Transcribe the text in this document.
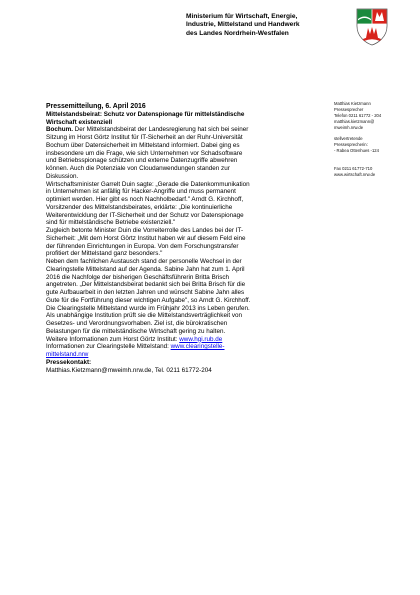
Ministerium für Wirtschaft, Energie,
Industrie, Mittelstand und Handwerk
des Landes Nordrhein-Westfalen
Matthias Kietzmann
Pressesprecher
Telefon 0211 61772 - 204
matthias.kietzmann@
mweimh.nrw.de
stellvertretende
Pressesprecherin:
- Rabea Ottenhues -124
Fax 0211 61772-710
www.wirtschaft.nrw.de

Pressemitteilung, 6. April 2016

Mittelstandsbeirat: Schutz vor Datenspionage für mittelständische
Wirtschaft existenziell

Bochum. Der Mittelstandsbeirat der Landesregierung hat sich bei seiner
Sitzung im Horst Görtz Institut für IT-Sicherheit an der Ruhr-Universität
Bochum über Datensicherheit im Mittelstand informiert. Dabei ging es
insbesondere um die Frage, wie sich Unternehmen vor Schadsoftware
und Betriebsspionage schützen und externe Datenzugriffe abwehren
können. Auch die Potenziale von Cloudanwendungen standen zur
Diskussion.

Wirtschaftsminister Garrelt Duin sagte: „Gerade die Datenkommunikation
in Unternehmen ist anfällig für Hacker-Angriffe und muss permanent
optimiert werden. Hier gibt es noch Nachholbedarf." Arndt G. Kirchhoff,
Vorsitzender des Mittelstandsbeirates, erklärte: „Die kontinuierliche
Weiterentwicklung der IT-Sicherheit und der Schutz vor Datenspionage
sind für mittelständische Betriebe existenziell."

Zugleich betonte Minister Duin die Vorreiterrolle des Landes bei der IT-
Sicherheit: „Mit dem Horst Görtz Institut haben wir auf diesem Feld eine
der führenden Einrichtungen in Europa. Von dem Forschungstransfer
profitiert der Mittelstand ganz besonders."

Neben dem fachlichen Austausch stand der personelle Wechsel in der
Clearingstelle Mittelstand auf der Agenda. Sabine Jahn hat zum 1. April
2016 die Nachfolge der bisherigen Geschäftsführerin Britta Brisch
angetreten. „Der Mittelstandsbeirat bedankt sich bei Britta Brisch für die
gute Aufbauarbeit in den letzten Jahren und wünscht Sabine Jahn alles
Gute für die Fortführung dieser wichtigen Aufgabe", so Arndt G. Kirchhoff.
Die Clearingstelle Mittelstand wurde im Frühjahr 2013 ins Leben gerufen.
Als unabhängige Institution prüft sie die Mittelstandsverträglichkeit von
Gesetzes- und Verordnungsvorhaben. Ziel ist, die bürokratischen
Belastungen für die mittelständische Wirtschaft gering zu halten.

Weitere Informationen zum Horst Görtz Institut: www.hgi.rub.de
Informationen zur Clearingstelle Mittelstand: www.clearingstelle-
mittelstand.nrw

Pressekontakt:
Matthias.Kietzmann@mweimh.nrw.de, Tel. 0211 61772-204
